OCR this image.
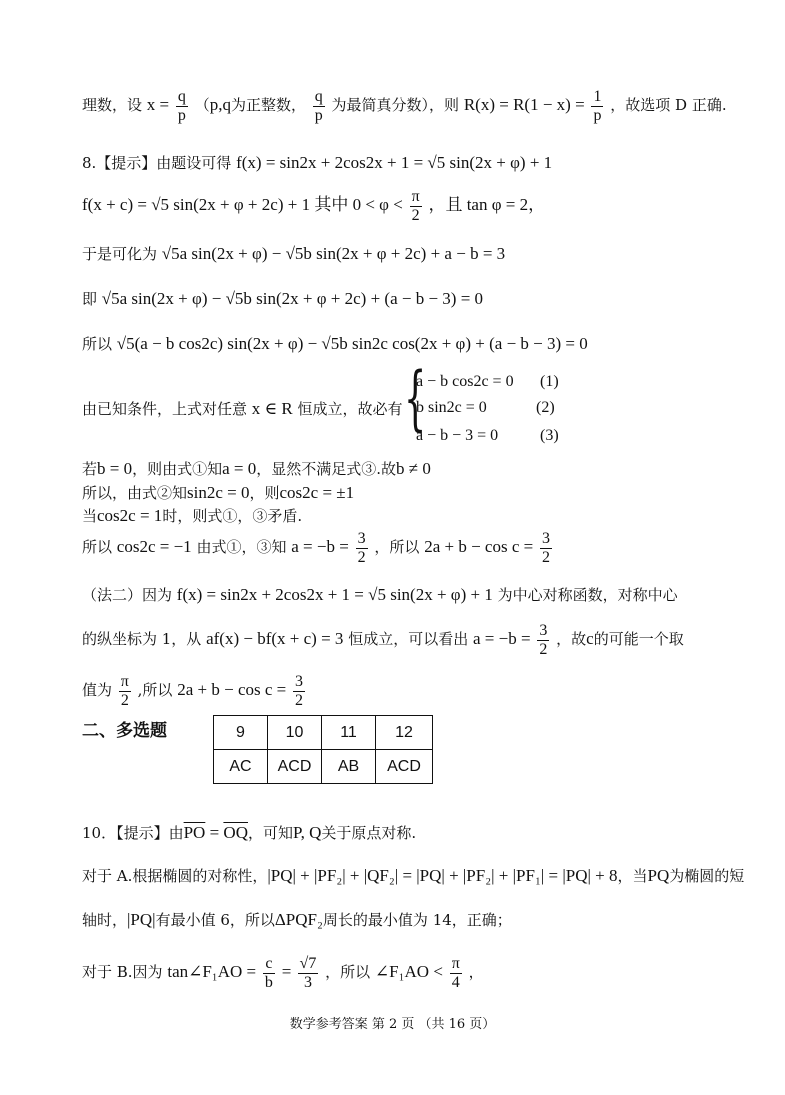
理数，设 $x = \frac{q}{p} (p,q$为正整数， $\frac{q}{p}$ 为最简真分数），则 $R(x) = R(1 - x) = \frac{1}{p}$ ，故选项 D 正确.
8.【提示】由题设可得 f(x) = sin2x + 2cos2x + 1 = √5 sin(2x + φ) + 1
f(x + c) = √5 sin(2x + φ + 2c) + 1 其中 $0 < \varphi < \frac{\pi}{2}$ ，且 tan φ = 2，
于是可化为 √5a sin(2x + φ) − √5b sin(2x + φ + 2c) + a − b = 3
即 √5a sin(2x + φ) − √5b sin(2x + φ + 2c) + (a − b − 3) = 0
所以 √5(a − b cos2c) sin(2x + φ) − √5b sin2c cos(2x + φ) + (a − b − 3) = 0
由已知条件，上式对任意 x ∈ R 恒成立，故必有 {
a − b cos2c = 0 (1)
b sin2c = 0	(2)
a − b − 3 = 0	(3)
若b = 0，则由式①知a = 0，显然不满足式③.故b ≠ 0
所以，由式②知sin2c = 0，则cos2c = ±1
当cos2c = 1时，则式①，③矛盾.
所以 cos2c = −1 由式①，③知 $a = -b = \frac{3}{2}$ ，所以 $2a + b - \cos c = \frac{3}{2}$
（法二）因为 f(x) = sin2x + 2cos2x + 1 = √5 sin(2x + φ) + 1 为中心对称函数，对称中心
的纵坐标为 1，从 af(x) − bf(x + c) = 3 恒成立，可以看出 $a = -b = \frac{3}{2}$ ，故c的可能一个取
值为 $\frac{\pi}{2}$ ,所以 $2a + b - \cos c = \frac{3}{2}$
二、多选题	9	10	11	12
AC	ACD	AB	ACD
10．【提示】由$\overline{PO} = \overline{OQ}$，可知P, Q关于原点对称.
对于 A.根据椭圆的对称性，|PQ| + |PF₂| + |QF₂| = |PQ| + |PF₂| + |PF₁| = |PQ| + 8，当PQ为椭圆的短
轴时，|PQ|有最小值 6，所以ΔPQF₂周长的最小值为 14，正确；
对于 B.因为 tan∠F₁AO = $\frac{c}{b} = \frac{√7}{3}$ ，所以 ∠F₁AO < $\frac{\pi}{4}$ ，
数学参考答案 第 2 页 （共 16 页）
